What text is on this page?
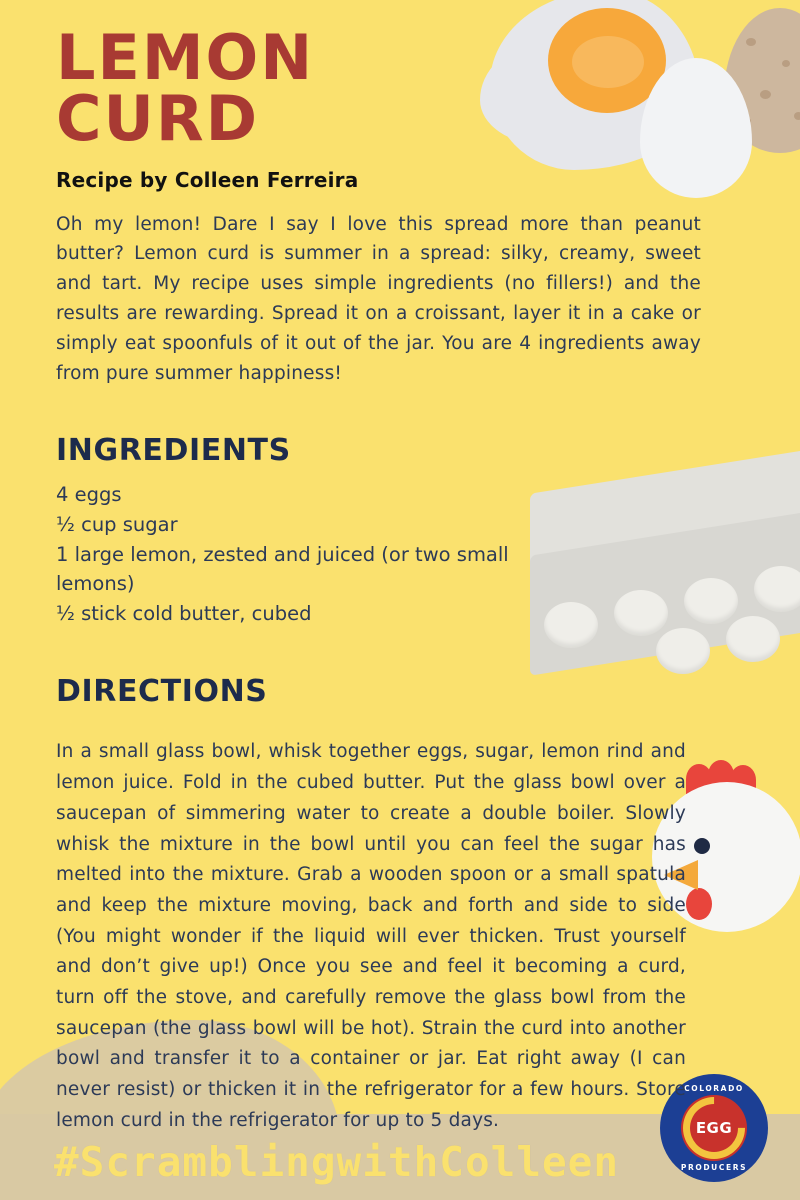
LEMON CURD
Recipe by Colleen Ferreira

Oh my lemon! Dare I say I love this spread more than peanut butter? Lemon curd is summer in a spread: silky, creamy, sweet and tart. My recipe uses simple ingredients (no fillers!) and the results are rewarding. Spread it on a croissant, layer it in a cake or simply eat spoonfuls of it out of the jar. You are 4 ingredients away from pure summer happiness!

INGREDIENTS
4 eggs
½ cup sugar
1 large lemon, zested and juiced (or two small lemons)
½ stick cold butter, cubed
DIRECTIONS

In a small glass bowl, whisk together eggs, sugar, lemon rind and lemon juice. Fold in the cubed butter. Put the glass bowl over a saucepan of simmering water to create a double boiler. Slowly whisk the mixture in the bowl until you can feel the sugar has melted into the mixture. Grab a wooden spoon or a small spatula and keep the mixture moving, back and forth and side to side (You might wonder if the liquid will ever thicken. Trust yourself and don’t give up!) Once you see and feel it becoming a curd, turn off the stove, and carefully remove the glass bowl from the saucepan (the glass bowl will be hot). Strain the curd into another bowl and transfer it to a container or jar. Eat right away (I can never resist) or thicken it in the refrigerator for a few hours. Store lemon curd in the refrigerator for up to 5 days.

#ScramblingwithColleen
COLORADO
EGG
PRODUCERS
